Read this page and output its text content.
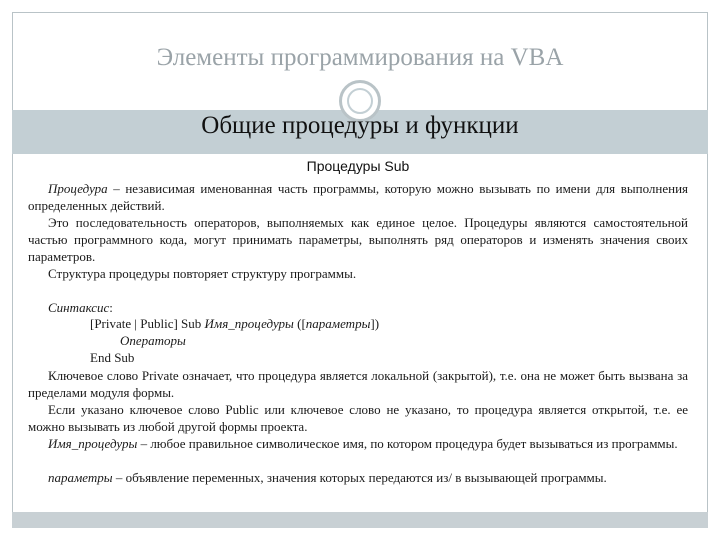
Элементы программирования на VBA
Общие процедуры и функции
Процедуры Sub

Процедура – независимая именованная часть программы, которую можно вызывать по имени для выполнения определенных действий.

Это последовательность операторов, выполняемых как единое целое. Процедуры являются самостоятельной частью программного кода, могут принимать параметры, выполнять ряд операторов и изменять значения своих параметров.

Структура процедуры повторяет структуру программы.

Синтаксис:

[Private | Public] Sub Имя_процедуры ([параметры])
Операторы
End Sub

Ключевое слово Private означает, что процедура является локальной (закрытой), т.е. она не может быть вызвана за пределами модуля формы.

Если указано ключевое слово Public или ключевое слово не указано, то процедура является открытой, т.е. ее можно вызывать из любой другой формы проекта.

Имя_процедуры – любое правильное символическое имя, по котором процедура будет вызываться из программы.

параметры – объявление переменных, значения которых передаются из/ в вызывающей программы.
